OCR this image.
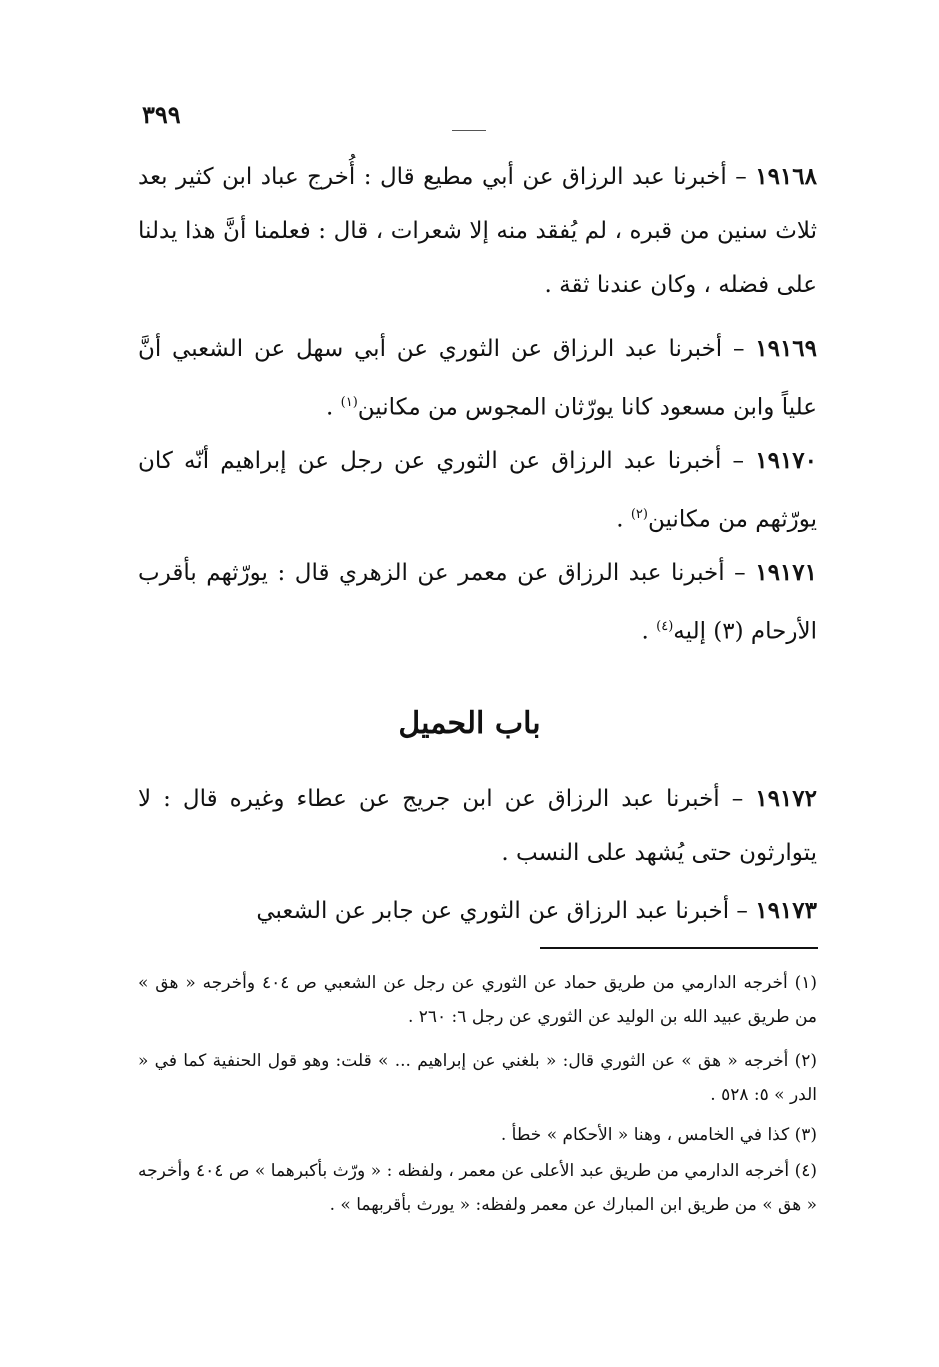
٣٩٩

١٩١٦٨ – أخبرنا عبد الرزاق عن أبي مطيع قال : أُخرج عباد ابن كثير بعد ثلاث سنين من قبره ، لم يُفقد منه إلا شعرات ، قال : فعلمنا أنَّ هذا يدلنا على فضله ، وكان عندنا ثقة .

١٩١٦٩ – أخبرنا عبد الرزاق عن الثوري عن أبي سهل عن الشعبي أنَّ علياً وابن مسعود كانا يورّثان المجوس من مكانين$^{(١)}$ .

١٩١٧٠ – أخبرنا عبد الرزاق عن الثوري عن رجل عن إبراهيم أنّه كان يورّثهم من مكانين$^{(٢)}$ .

١٩١٧١ – أخبرنا عبد الرزاق عن معمر عن الزهري قال : يورّثهم بأقرب الأرحام (٣) إليه$^{(٤)}$ .

باب الحميل

١٩١٧٢ – أخبرنا عبد الرزاق عن ابن جريج عن عطاء وغيره قال : لا يتوارثون حتى يُشهد على النسب .

١٩١٧٣ – أخبرنا عبد الرزاق عن الثوري عن جابر عن الشعبي

(١) أخرجه الدارمي من طريق حماد عن الثوري عن رجل عن الشعبي ص ٤٠٤ وأخرجه « هق » من طريق عبيد الله بن الوليد عن الثوري عن رجل ٦: ٢٦٠ .

(٢) أخرجه « هق » عن الثوري قال: « بلغني عن إبراهيم ... » قلت: وهو قول الحنفية كما في « الدر » ٥: ٥٢٨ .

(٣) كذا في الخامس ، وهنا « الأحكام » خطأ .

(٤) أخرجه الدارمي من طريق عبد الأعلى عن معمر ، ولفظه : « ورّث بأكبرهما » ص ٤٠٤ وأخرجه « هق » من طريق ابن المبارك عن معمر ولفظه: « يورث بأقربهما » .
